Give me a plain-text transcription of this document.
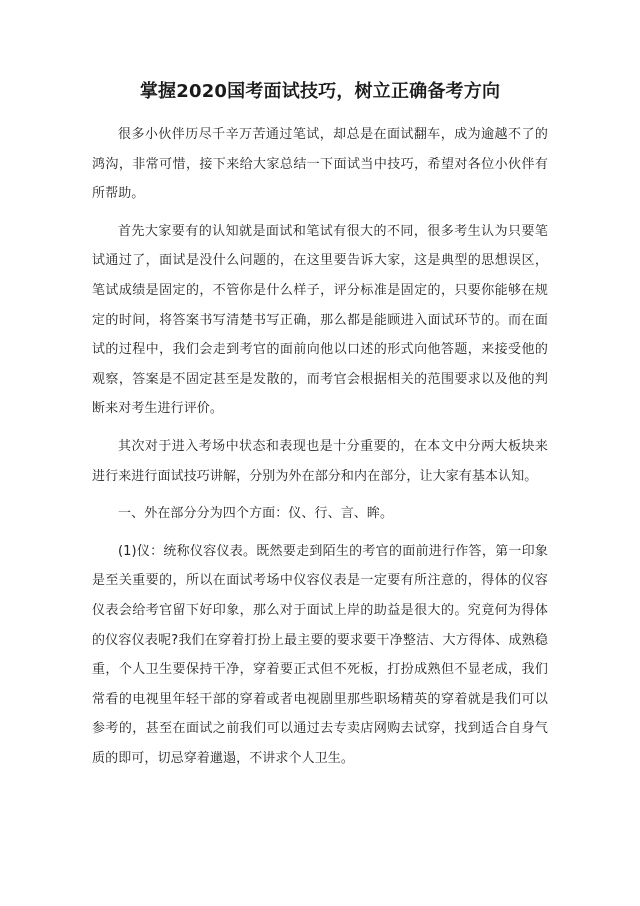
掌握2020国考面试技巧，树立正确备考方向

很多小伙伴历尽千辛万苦通过笔试，却总是在面试翻车，成为逾越不了的鸿沟，非常可惜，接下来给大家总结一下面试当中技巧，希望对各位小伙伴有所帮助。

首先大家要有的认知就是面试和笔试有很大的不同，很多考生认为只要笔试通过了，面试是没什么问题的，在这里要告诉大家，这是典型的思想误区，笔试成绩是固定的，不管你是什么样子，评分标准是固定的，只要你能够在规定的时间，将答案书写清楚书写正确，那么都是能顾进入面试环节的。而在面试的过程中，我们会走到考官的面前向他以口述的形式向他答题，来接受他的观察，答案是不固定甚至是发散的，而考官会根据相关的范围要求以及他的判断来对考生进行评价。

其次对于进入考场中状态和表现也是十分重要的，在本文中分两大板块来进行来进行面试技巧讲解，分别为外在部分和内在部分，让大家有基本认知。

一、外在部分分为四个方面：仪、行、言、眸。

(1)仪：统称仪容仪表。既然要走到陌生的考官的面前进行作答，第一印象是至关重要的，所以在面试考场中仪容仪表是一定要有所注意的，得体的仪容仪表会给考官留下好印象，那么对于面试上岸的助益是很大的。究竟何为得体的仪容仪表呢?我们在穿着打扮上最主要的要求要干净整洁、大方得体、成熟稳重，个人卫生要保持干净，穿着要正式但不死板，打扮成熟但不显老成，我们常看的电视里年轻干部的穿着或者电视剧里那些职场精英的穿着就是我们可以参考的，甚至在面试之前我们可以通过去专卖店网购去试穿，找到适合自身气质的即可，切忌穿着邋遢，不讲求个人卫生。
